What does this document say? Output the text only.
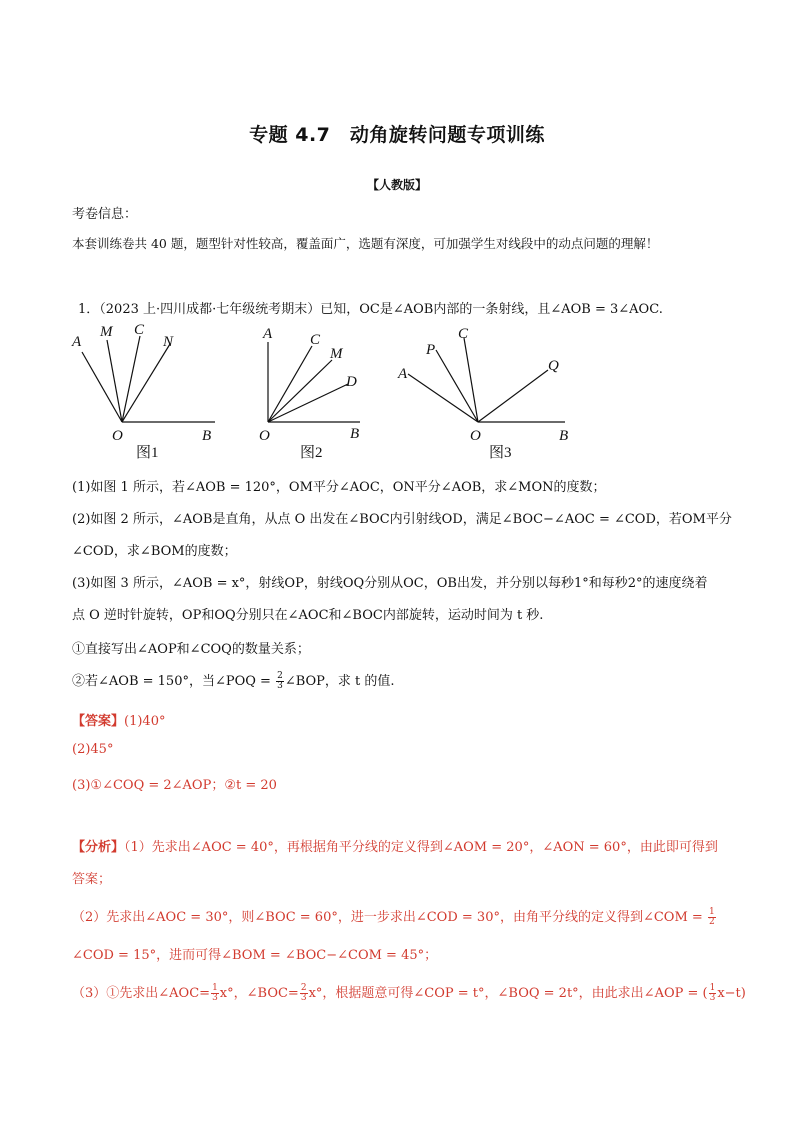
专题 4.7　动角旋转问题专项训练
【人教版】
考卷信息：
本套训练卷共 40 题，题型针对性较高，覆盖面广，选题有深度，可加强学生对线段中的动点问题的理解！
1．（2023 上·四川成都·七年级统考期末）已知，OC是∠AOB内部的一条射线，且∠AOB = 3∠AOC.
A
M C
N
O	B
图1
A	C
M
D
O	B
图2
P
C
A	Q
O	B
图3
(1)如图 1 所示，若∠AOB = 120°，OM平分∠AOC，ON平分∠AOB，求∠MON的度数；
(2)如图 2 所示，∠AOB是直角，从点 O 出发在∠BOC内引射线OD，满足∠BOC−∠AOC = ∠COD，若OM平分
∠COD，求∠BOM的度数；
(3)如图 3 所示，∠AOB = x°，射线OP，射线OQ分别从OC，OB出发，并分别以每秒1°和每秒2°的速度绕着
点 O 逆时针旋转，OP和OQ分别只在∠AOC和∠BOC内部旋转，运动时间为 t 秒.
①直接写出∠AOP和∠COQ的数量关系；
②若∠AOB = 150°，当∠POQ = $\frac{2}{3}$ ∠BOP，求 t 的值.
【答案】(1)40°
(2)45°
(3)①∠COQ = 2∠AOP；②t = 20
【分析】（1）先求出∠AOC = 40°，再根据角平分线的定义得到∠AOM = 20°，∠AON = 60°，由此即可得到
答案；
（2）先求出∠AOC = 30°，则∠BOC = 60°，进一步求出∠COD = 30°，由角平分线的定义得到∠COM = $\frac{1}{2}$
∠COD = 15°，进而可得∠BOM = ∠BOC−∠COM = 45°；
（3）①先求出∠AOC= $\frac{1}{3} x^\circ$，∠BOC= $\frac{2}{3} x^\circ$，根据题意可得∠COP = t°，∠BOQ = 2t°，由此求出∠AOP = ( $\frac{1}{3} x-t$)
